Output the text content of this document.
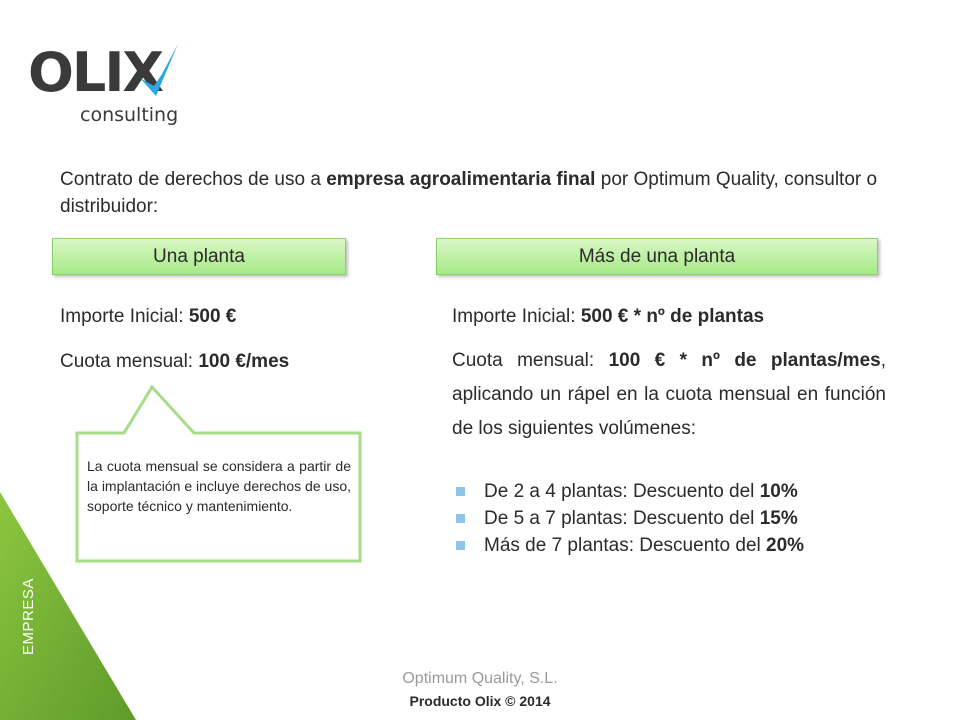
OLIX
consulting

Contrato de derechos de uso a empresa agroalimentaria final por Optimum Quality, consultor o distribuidor:

Una planta	Más de una planta

Importe Inicial: 500 €

Cuota mensual: 100 €/mes

La cuota mensual se considera a partir de la implantación e incluye derechos de uso, soporte técnico y mantenimiento.

Importe Inicial: 500 € * nº de plantas

Cuota mensual: 100 € * nº de plantas/mes, aplicando un rápel en la cuota mensual en función de los siguientes volúmenes:

De 2 a 4 plantas: Descuento del 10%
De 5 a 7 plantas: Descuento del 15%
Más de 7 plantas: Descuento del 20%
EMPRESA
Optimum Quality, S.L.
Producto Olix © 2014
